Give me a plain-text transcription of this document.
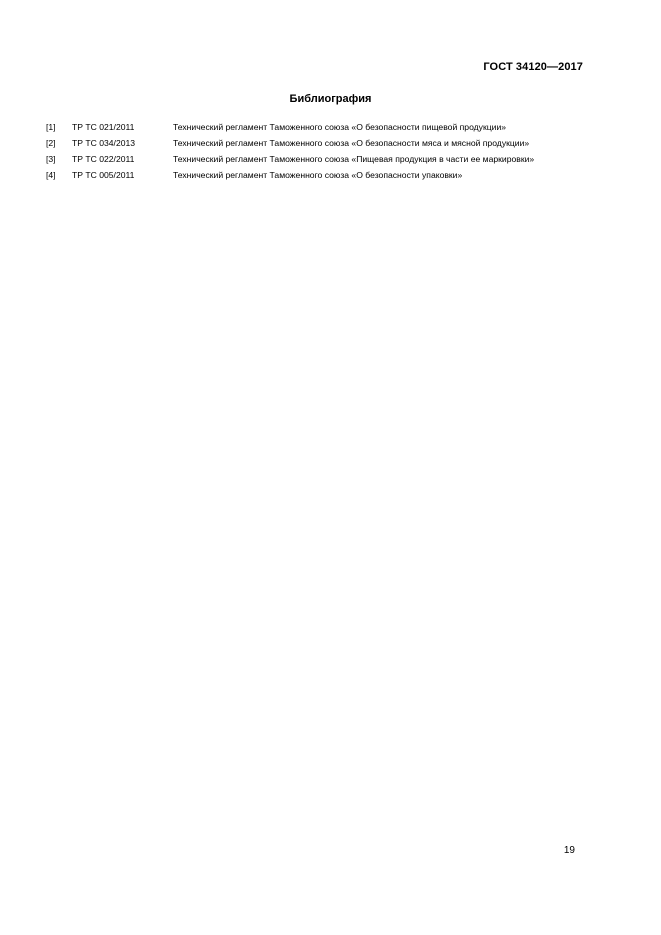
ГОСТ 34120—2017
Библиография
[1]	ТР ТС 021/2011	Технический регламент Таможенного союза «О безопасности пищевой продукции»
[2]	ТР ТС 034/2013	Технический регламент Таможенного союза «О безопасности мяса и мясной продукции»
[3]	ТР ТС 022/2011	Технический регламент Таможенного союза «Пищевая продукция в части ее маркировки»
[4]	ТР ТС 005/2011	Технический регламент Таможенного союза «О безопасности упаковки»
19
